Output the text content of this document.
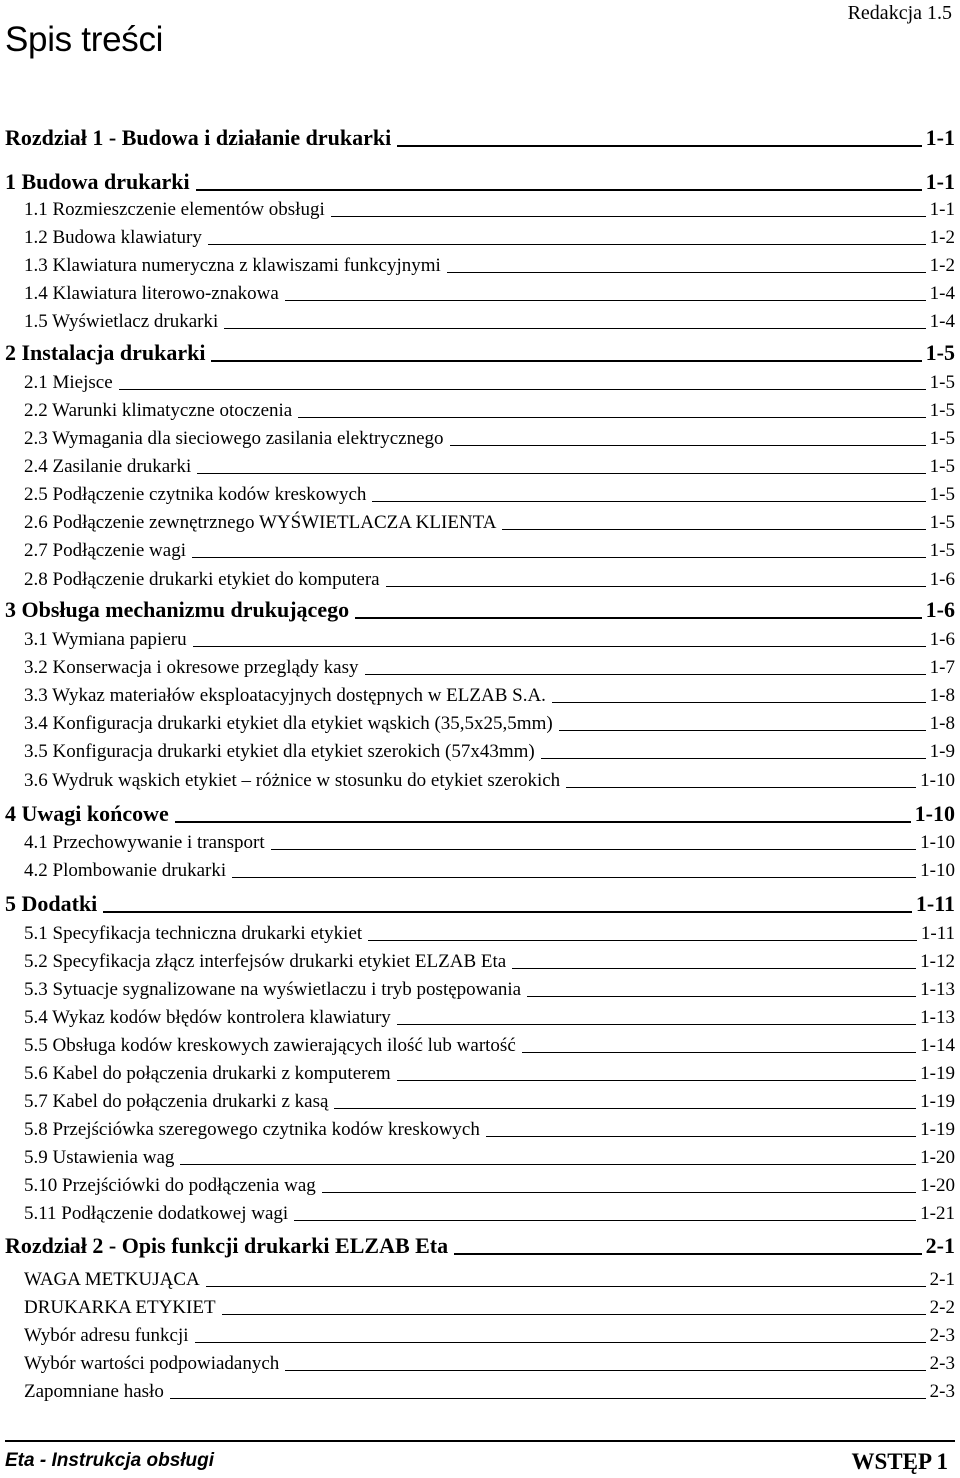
Redakcja 1.5
Spis treści
Rozdział 1 - Budowa i działanie drukarki	1-1
1 Budowa drukarki	1-1
1.1 Rozmieszczenie elementów obsługi	1-1
1.2 Budowa klawiatury	1-2
1.3 Klawiatura numeryczna z klawiszami funkcyjnymi	1-2
1.4 Klawiatura literowo-znakowa	1-4
1.5 Wyświetlacz drukarki	1-4
2 Instalacja drukarki	1-5
2.1 Miejsce	1-5
2.2 Warunki klimatyczne otoczenia	1-5
2.3 Wymagania dla sieciowego zasilania elektrycznego	1-5
2.4 Zasilanie drukarki	1-5
2.5 Podłączenie czytnika kodów kreskowych	1-5
2.6 Podłączenie zewnętrznego WYŚWIETLACZA KLIENTA	1-5
2.7 Podłączenie wagi	1-5
2.8 Podłączenie drukarki etykiet do komputera	1-6
3 Obsługa mechanizmu drukującego	1-6
3.1 Wymiana papieru	1-6
3.2 Konserwacja i okresowe przeglądy kasy	1-7
3.3 Wykaz materiałów eksploatacyjnych dostępnych w ELZAB S.A.	1-8
3.4 Konfiguracja drukarki etykiet dla etykiet wąskich (35,5x25,5mm)	1-8
3.5 Konfiguracja drukarki etykiet dla etykiet szerokich (57x43mm)	1-9
3.6 Wydruk wąskich etykiet – różnice w stosunku do etykiet szerokich	1-10
4 Uwagi końcowe	1-10
4.1 Przechowywanie i transport	1-10
4.2 Plombowanie drukarki	1-10
5 Dodatki	1-11
5.1 Specyfikacja techniczna drukarki etykiet	1-11
5.2 Specyfikacja złącz interfejsów drukarki etykiet ELZAB Eta	1-12
5.3 Sytuacje sygnalizowane na wyświetlaczu i tryb postępowania	1-13
5.4 Wykaz kodów błędów kontrolera klawiatury	1-13
5.5 Obsługa kodów kreskowych zawierających ilość lub wartość	1-14
5.6 Kabel do połączenia drukarki z komputerem	1-19
5.7 Kabel do połączenia drukarki z kasą	1-19
5.8 Przejściówka szeregowego czytnika kodów kreskowych	1-19
5.9 Ustawienia wag	1-20
5.10 Przejściówki do podłączenia wag	1-20
5.11 Podłączenie dodatkowej wagi	1-21
Rozdział 2 - Opis funkcji drukarki ELZAB Eta	2-1
WAGA METKUJĄCA	2-1
DRUKARKA ETYKIET	2-2
Wybór adresu funkcji	2-3
Wybór wartości podpowiadanych	2-3
Zapomniane hasło	2-3
Eta - Instrukcja obsługi	WSTĘP 1
